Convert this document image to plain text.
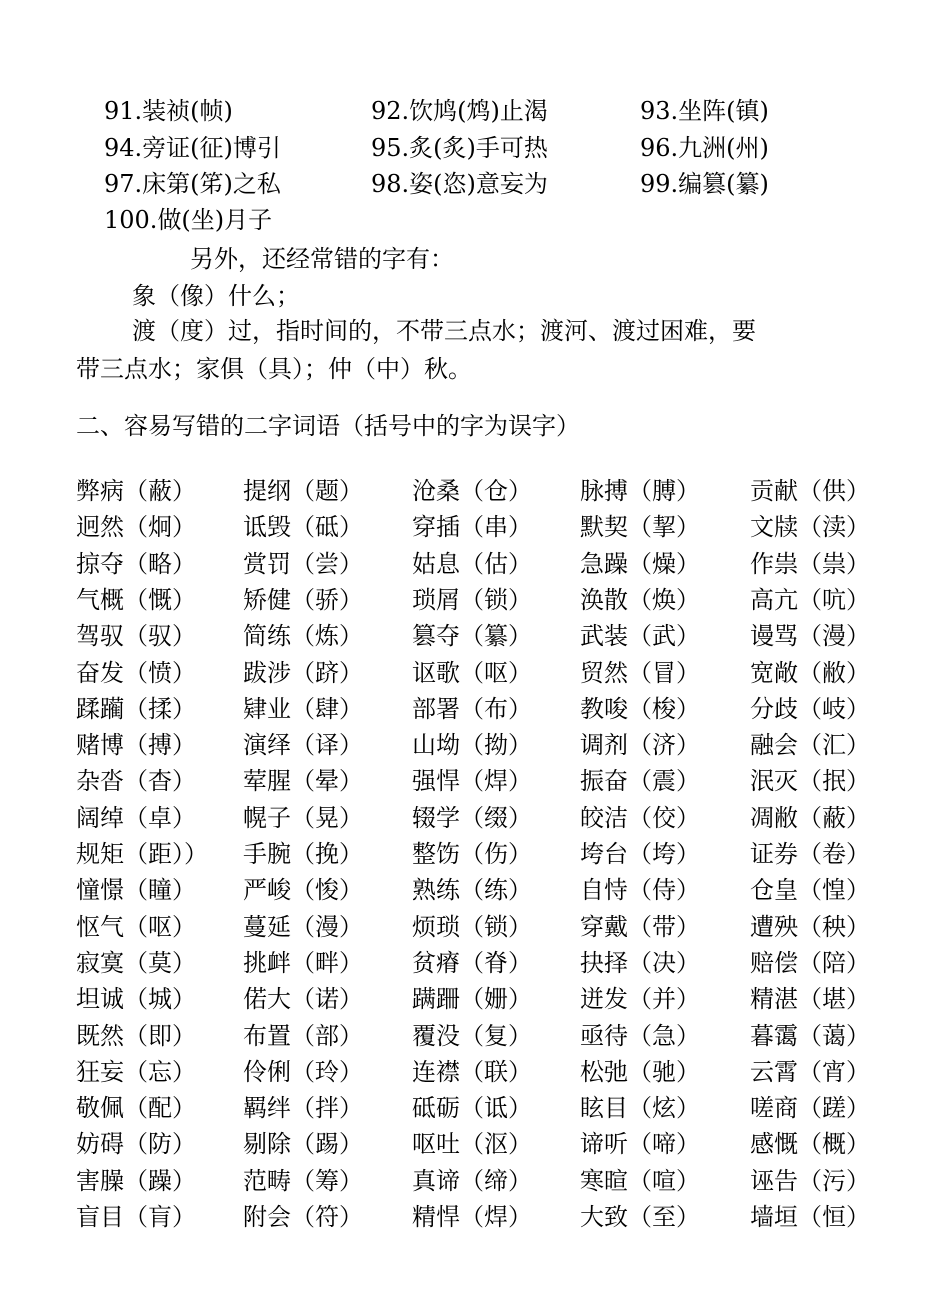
91.装祯(帧)	92.饮鸠(鸩)止渴	93.坐阵(镇)
94.旁证(征)博引	95.炙(炙)手可热	96.九洲(州)
97.床第(笫)之私	98.姿(恣)意妄为	99.编篡(纂)
100.做(坐)月子
另外，还经常错的字有：
象（像）什么；
渡（度）过，指时间的，不带三点水；渡河、渡过困难，要
带三点水；家俱（具）；仲（中）秋。
二、容易写错的二字词语（括号中的字为误字）
弊病（蔽） 提纲（题） 沧桑（仓） 脉搏（膊） 贡献（供）
迥然（炯） 诋毁（砥） 穿插（串） 默契（挈） 文牍（渎）
掠夺（略） 赏罚（尝） 姑息（估） 急躁（燥） 作祟（祟）
气概（慨） 矫健（骄） 琐屑（锁） 涣散（焕） 高亢（吭）
驾驭（驭） 简练（炼） 篡夺（纂） 武装（武） 谩骂（漫）
奋发（愤） 跋涉（跻） 讴歌（呕） 贸然（冒） 宽敞（敝）
蹂躏（揉） 肄业（肆） 部署（布） 教唆（梭） 分歧（岐）
赌博（搏） 演绎（译） 山坳（拗） 调剂（济） 融会（汇）
杂沓（杳） 荤腥（晕） 强悍（焊） 振奋（震） 泯灭（抿）
阔绰（卓） 幌子（晃） 辍学（缀） 皎洁（佼） 凋敝（蔽）
规矩（距）） 手腕（挽） 整饬（伤） 垮台（垮） 证券（卷）
憧憬（瞳） 严峻（悛） 熟练（练） 自恃（侍） 仓皇（惶）
怄气（呕） 蔓延（漫） 烦琐（锁） 穿戴（带） 遭殃（秧）
寂寞（莫） 挑衅（畔） 贫瘠（脊） 抉择（决） 赔偿（陪）
坦诚（城） 偌大（诺） 蹒跚（姗） 迸发（并） 精湛（堪）
既然（即） 布置（部） 覆没（复） 亟待（急） 暮霭（蔼）
狂妄（忘） 伶俐（玲） 连襟（联） 松弛（驰） 云霄（宵）
敬佩（配） 羁绊（拌） 砥砺（诋） 眩目（炫） 嗟商（蹉）
妨碍（防） 剔除（踢） 呕吐（沤） 谛听（啼） 感慨（概）
害臊（躁） 范畴（筹） 真谛（缔） 寒暄（喧） 诬告（污）
盲目（肓） 附会（符） 精悍（焊） 大致（至） 墙垣（恒）
